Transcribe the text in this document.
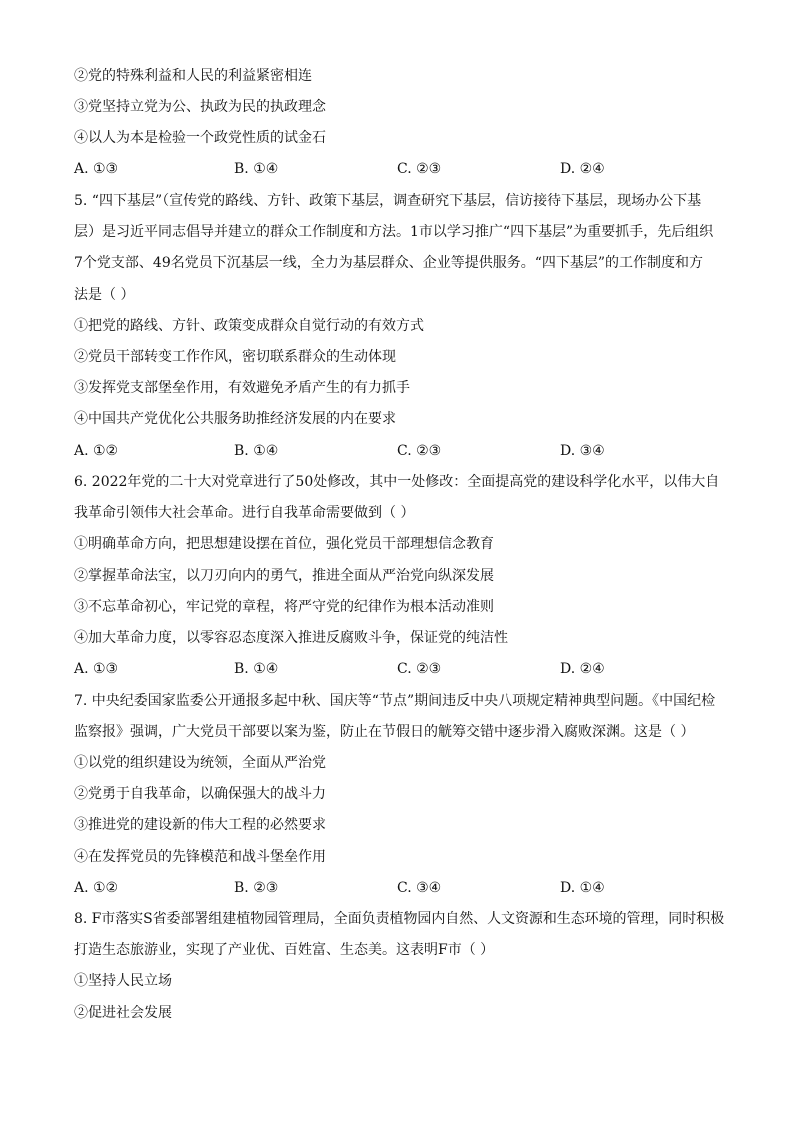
②党的特殊利益和人民的利益紧密相连
③党坚持立党为公、执政为民的执政理念
④以人为本是检验一个政党性质的试金石
A. ①③	B. ①④	C. ②③	D. ②④
5. “四下基层”（宣传党的路线、方针、政策下基层，调查研究下基层，信访接待下基层，现场办公下基
层）是习近平同志倡导并建立的群众工作制度和方法。1市以学习推广“四下基层”为重要抓手，先后组织
7个党支部、49名党员下沉基层一线，全力为基层群众、企业等提供服务。“四下基层”的工作制度和方
法是（ ）
①把党的路线、方针、政策变成群众自觉行动的有效方式
②党员干部转变工作作风，密切联系群众的生动体现
③发挥党支部堡垒作用，有效避免矛盾产生的有力抓手
④中国共产党优化公共服务助推经济发展的内在要求
A. ①②	B. ①④	C. ②③	D. ③④
6. 2022年党的二十大对党章进行了50处修改，其中一处修改：全面提高党的建设科学化水平，以伟大自
我革命引领伟大社会革命。进行自我革命需要做到（ ）
①明确革命方向，把思想建设摆在首位，强化党员干部理想信念教育
②掌握革命法宝，以刀刃向内的勇气，推进全面从严治党向纵深发展
③不忘革命初心，牢记党的章程，将严守党的纪律作为根本活动准则
④加大革命力度，以零容忍态度深入推进反腐败斗争，保证党的纯洁性
A. ①③	B. ①④	C. ②③	D. ②④
7. 中央纪委国家监委公开通报多起中秋、国庆等“节点”期间违反中央八项规定精神典型问题。《中国纪检
监察报》强调，广大党员干部要以案为鉴，防止在节假日的觥筹交错中逐步滑入腐败深渊。这是（ ）
①以党的组织建设为统领，全面从严治党
②党勇于自我革命，以确保强大的战斗力
③推进党的建设新的伟大工程的必然要求
④在发挥党员的先锋模范和战斗堡垒作用
A. ①②	B. ②③	C. ③④	D. ①④
8. F市落实S省委部署组建植物园管理局，全面负责植物园内自然、人文资源和生态环境的管理，同时积极
打造生态旅游业，实现了产业优、百姓富、生态美。这表明F市（ ）
①坚持人民立场
②促进社会发展
